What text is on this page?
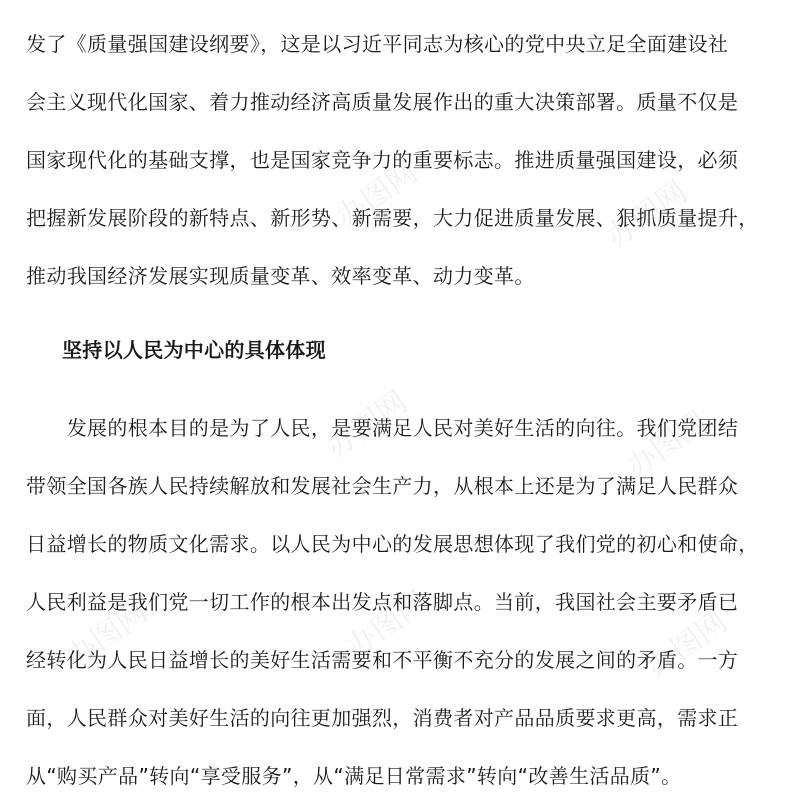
办图网	办图网
办图网	办图网
办图网	办图网	办图网
发了《质量强国建设纲要》，这是以习近平同志为核心的党中央立足全面建设社
会主义现代化国家、着力推动经济高质量发展作出的重大决策部署。质量不仅是
国家现代化的基础支撑，也是国家竞争力的重要标志。推进质量强国建设，必须
把握新发展阶段的新特点、新形势、新需要，大力促进质量发展、狠抓质量提升，
推动我国经济发展实现质量变革、效率变革、动力变革。
坚持以人民为中心的具体体现
　　发展的根本目的是为了人民，是要满足人民对美好生活的向往。我们党团结
带领全国各族人民持续解放和发展社会生产力，从根本上还是为了满足人民群众
日益增长的物质文化需求。以人民为中心的发展思想体现了我们党的初心和使命，
人民利益是我们党一切工作的根本出发点和落脚点。当前，我国社会主要矛盾已
经转化为人民日益增长的美好生活需要和不平衡不充分的发展之间的矛盾。一方
面，人民群众对美好生活的向往更加强烈，消费者对产品品质要求更高，需求正
从“购买产品”转向“享受服务”，从“满足日常需求”转向“改善生活品质”。
